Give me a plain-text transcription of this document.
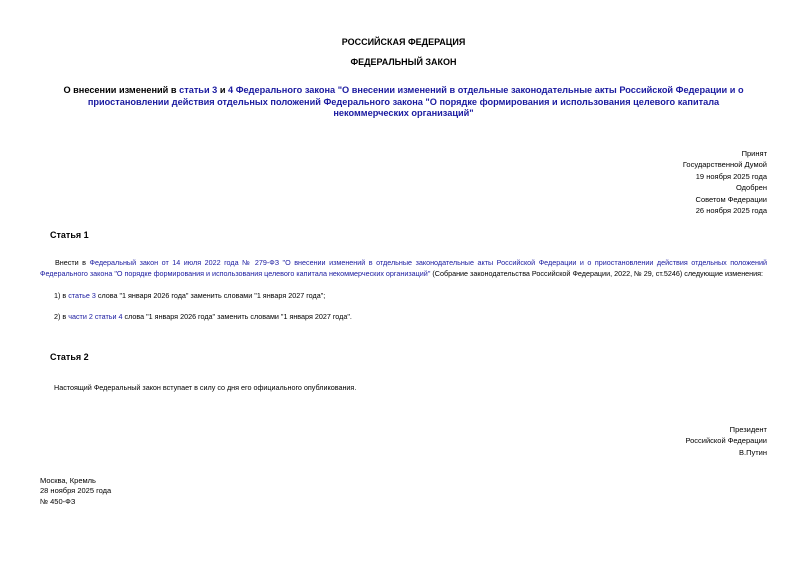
РОССИЙСКАЯ ФЕДЕРАЦИЯ
ФЕДЕРАЛЬНЫЙ ЗАКОН
О внесении изменений в статьи 3 и 4 Федерального закона "О внесении изменений в отдельные законодательные акты Российской Федерации и о приостановлении действия отдельных положений Федерального закона "О порядке формирования и использования целевого капитала некоммерческих организаций"
Принят
Государственной Думой
19 ноября 2025 года
Одобрен
Советом Федерации
26 ноября 2025 года
Статья 1
Внести в Федеральный закон от 14 июля 2022 года № 279-ФЗ "О внесении изменений в отдельные законодательные акты Российской Федерации и о приостановлении действия отдельных положений Федерального закона "О порядке формирования и использования целевого капитала некоммерческих организаций" (Собрание законодательства Российской Федерации, 2022, № 29, ст.5246) следующие изменения:
1) в статье 3 слова "1 января 2026 года" заменить словами "1 января 2027 года";
2) в части 2 статьи 4 слова "1 января 2026 года" заменить словами "1 января 2027 года".
Статья 2
Настоящий Федеральный закон вступает в силу со дня его официального опубликования.
Президент
Российской Федерации
В.Путин
Москва, Кремль
28 ноября 2025 года
№ 450-ФЗ
